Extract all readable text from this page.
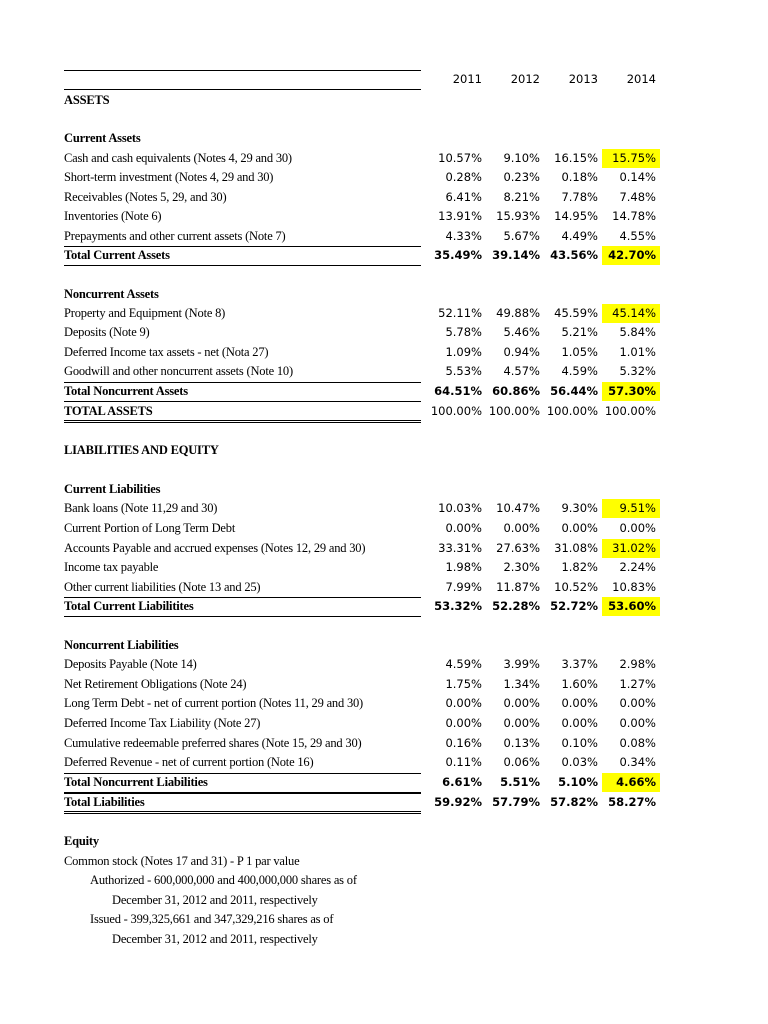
2011	2012	2013	2014
ASSETS
Current Assets
Cash and cash equivalents (Notes 4, 29 and 30)	10.57%	9.10%	16.15%	15.75%
Short-term investment (Notes 4, 29 and 30)	0.28%	0.23%	0.18%	0.14%
Receivables (Notes 5, 29, and 30)	6.41%	8.21%	7.78%	7.48%
Inventories (Note 6)	13.91%	15.93%	14.95%	14.78%
Prepayments and other current assets (Note 7)	4.33%	5.67%	4.49%	4.55%
Total Current Assets	35.49% 39.14% 43.56% 42.70%
Noncurrent Assets
Property and Equipment (Note 8)	52.11%	49.88%	45.59%	45.14%
Deposits (Note 9)	5.78%	5.46%	5.21%	5.84%
Deferred Income tax assets - net (Nota 27)	1.09%	0.94%	1.05%	1.01%
Goodwill and other noncurrent assets (Note 10)	5.53%	4.57%	4.59%	5.32%
Total Noncurrent Assets	64.51% 60.86% 56.44% 57.30%
TOTAL ASSETS	100.00% 100.00% 100.00% 100.00%
LIABILITIES AND EQUITY
Current Liabilities
Bank loans (Note 11,29 and 30)	10.03%	10.47%	9.30%	9.51%
Current Portion of Long Term Debt	0.00%	0.00%	0.00%	0.00%
Accounts Payable and accrued expenses (Notes 12, 29 and 30)	33.31%	27.63%	31.08%	31.02%
Income tax payable	1.98%	2.30%	1.82%	2.24%
Other current liabilities (Note 13 and 25)	7.99%	11.87%	10.52%	10.83%
Total Current Liabilitites	53.32% 52.28% 52.72% 53.60%
Noncurrent Liabilities
Deposits Payable (Note 14)	4.59%	3.99%	3.37%	2.98%
Net Retirement Obligations (Note 24)	1.75%	1.34%	1.60%	1.27%
Long Term Debt - net of current portion (Notes 11, 29 and 30)	0.00%	0.00%	0.00%	0.00%
Deferred Income Tax Liability (Note 27)	0.00%	0.00%	0.00%	0.00%
Cumulative redeemable preferred shares (Note 15, 29 and 30)	0.16%	0.13%	0.10%	0.08%
Deferred Revenue - net of current portion (Note 16)	0.11%	0.06%	0.03%	0.34%
Total Noncurrent Liabilities	6.61%	5.51%	5.10%	4.66%
Total Liabilities	59.92% 57.79% 57.82% 58.27%
Equity
Common stock (Notes 17 and 31) - P 1 par value
Authorized - 600,000,000 and 400,000,000 shares as of
December 31, 2012 and 2011, respectively
Issued - 399,325,661 and 347,329,216 shares as of
December 31, 2012 and 2011, respectively
